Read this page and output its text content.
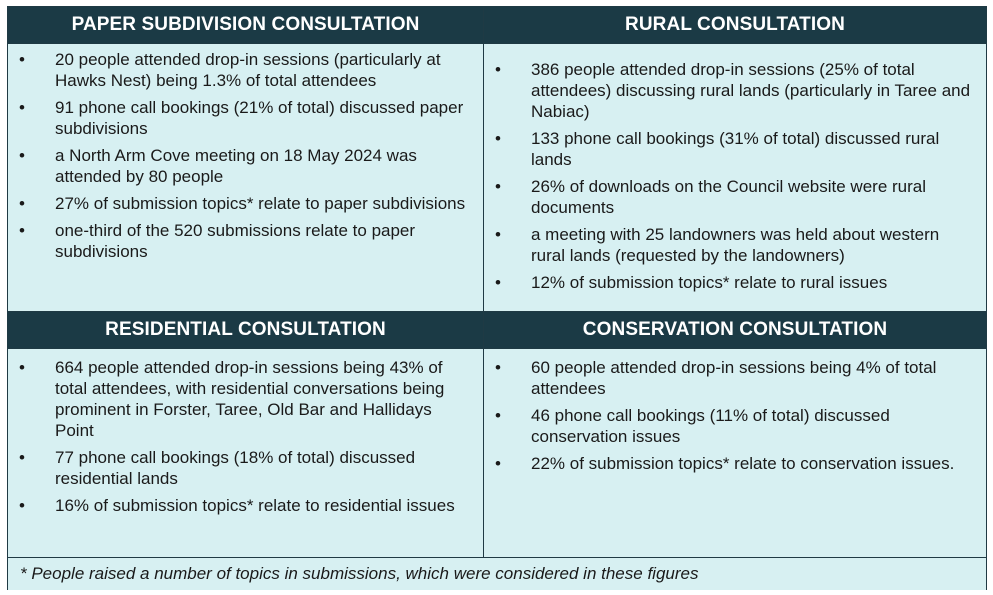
PAPER SUBDIVISION CONSULTATION	RURAL CONSULTATION
• 20 people attended drop-in sessions (particularly at Hawks Nest) being 1.3% of total attendees
• 91 phone call bookings (21% of total) discussed paper subdivisions
• a North Arm Cove meeting on 18 May 2024 was attended by 80 people
• 27% of submission topics* relate to paper subdivisions
• one-third of the 520 submissions relate to paper subdivisions
• 386 people attended drop-in sessions (25% of total attendees) discussing rural lands (particularly in Taree and Nabiac)
• 133 phone call bookings (31% of total) discussed rural lands
• 26% of downloads on the Council website were rural documents
• a meeting with 25 landowners was held about western rural lands (requested by the landowners)
• 12% of submission topics* relate to rural issues
RESIDENTIAL CONSULTATION	CONSERVATION CONSULTATION
• 664 people attended drop-in sessions being 43% of total attendees, with residential conversations being prominent in Forster, Taree, Old Bar and Hallidays Point
• 77 phone call bookings (18% of total) discussed residential lands
• 16% of submission topics* relate to residential issues
• 60 people attended drop-in sessions being 4% of total attendees
• 46 phone call bookings (11% of total) discussed conservation issues
• 22% of submission topics* relate to conservation issues.
* People raised a number of topics in submissions, which were considered in these figures
